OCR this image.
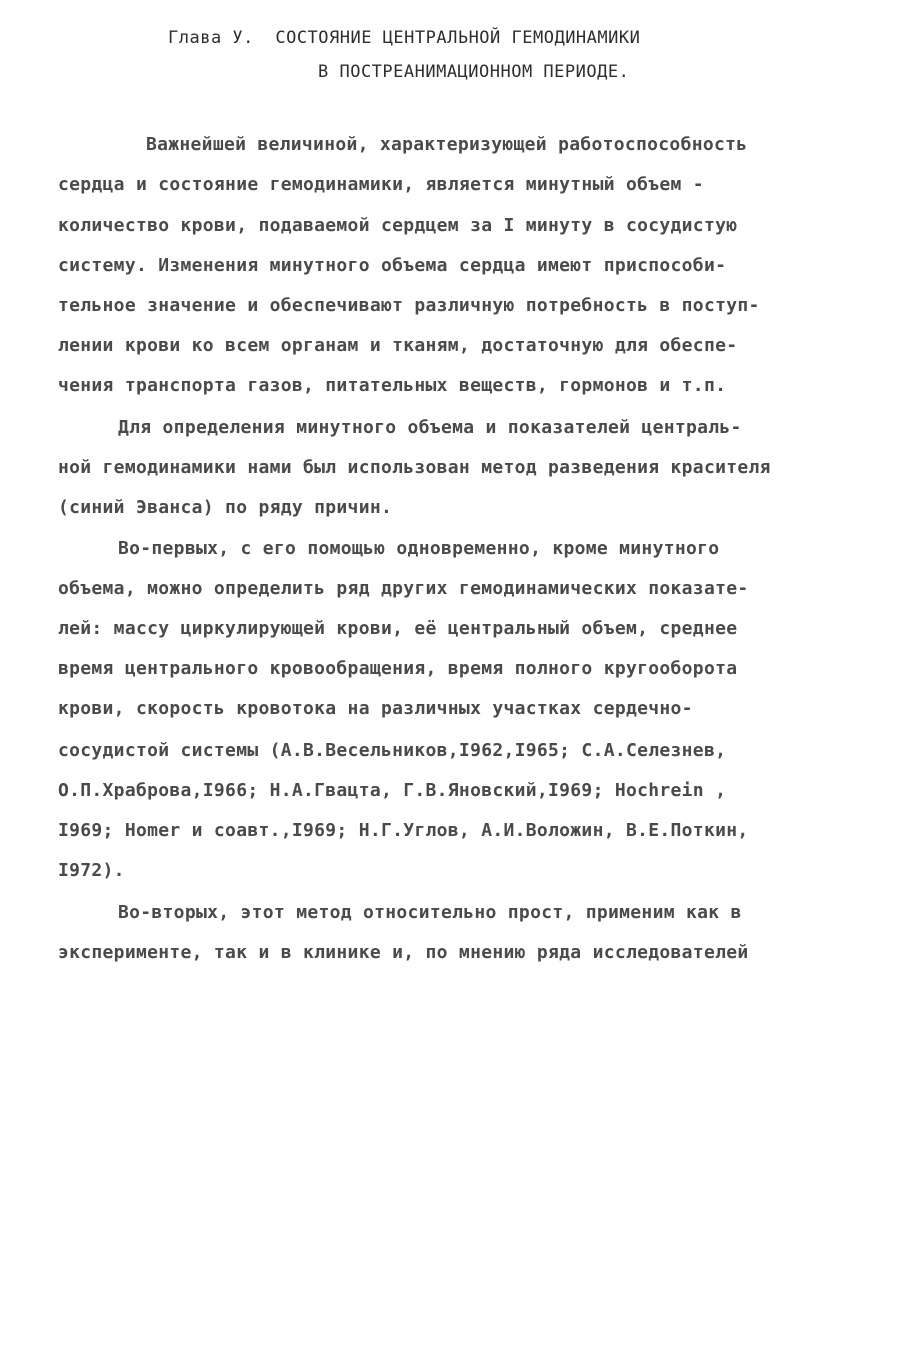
Глава У.  СОСТОЯНИЕ ЦЕНТРАЛЬНОЙ ГЕМОДИНАМИКИ
В ПОСТРЕАНИМАЦИОННОМ ПЕРИОДЕ.
Важнейшей величиной, характеризующей работоспособность
сердца и состояние гемодинамики, является минутный объем -
количество крови, подаваемой сердцем за I минуту в сосудистую
систему. Изменения минутного объема сердца имеют приспособи-
тельное значение и обеспечивают различную потребность в поступ-
лении крови ко всем органам и тканям, достаточную для обеспе-
чения транспорта газов, питательных веществ, гормонов и т.п.
Для определения минутного объема и показателей централь-
ной гемодинамики нами был использован метод разведения красителя
(синий Эванса) по ряду причин.
Во-первых, с его помощью одновременно, кроме минутного
объема, можно определить ряд других гемодинамических показате-
лей: массу циркулирующей крови, её центральный объем, среднее
время центрального кровообращения, время полного кругооборота
крови, скорость кровотока на различных участках сердечно-
сосудистой системы (А.В.Весельников,I962,I965; С.А.Селезнев,
О.П.Храброва,I966; Н.А.Гвацта, Г.В.Яновский,I969; Hochrein ,
I969; Homer и соавт.,I969; Н.Г.Углов, А.И.Воложин, В.Е.Поткин,
I972).
Во-вторых, этот метод относительно прост, применим как в
эксперименте, так и в клинике и, по мнению ряда исследователей
